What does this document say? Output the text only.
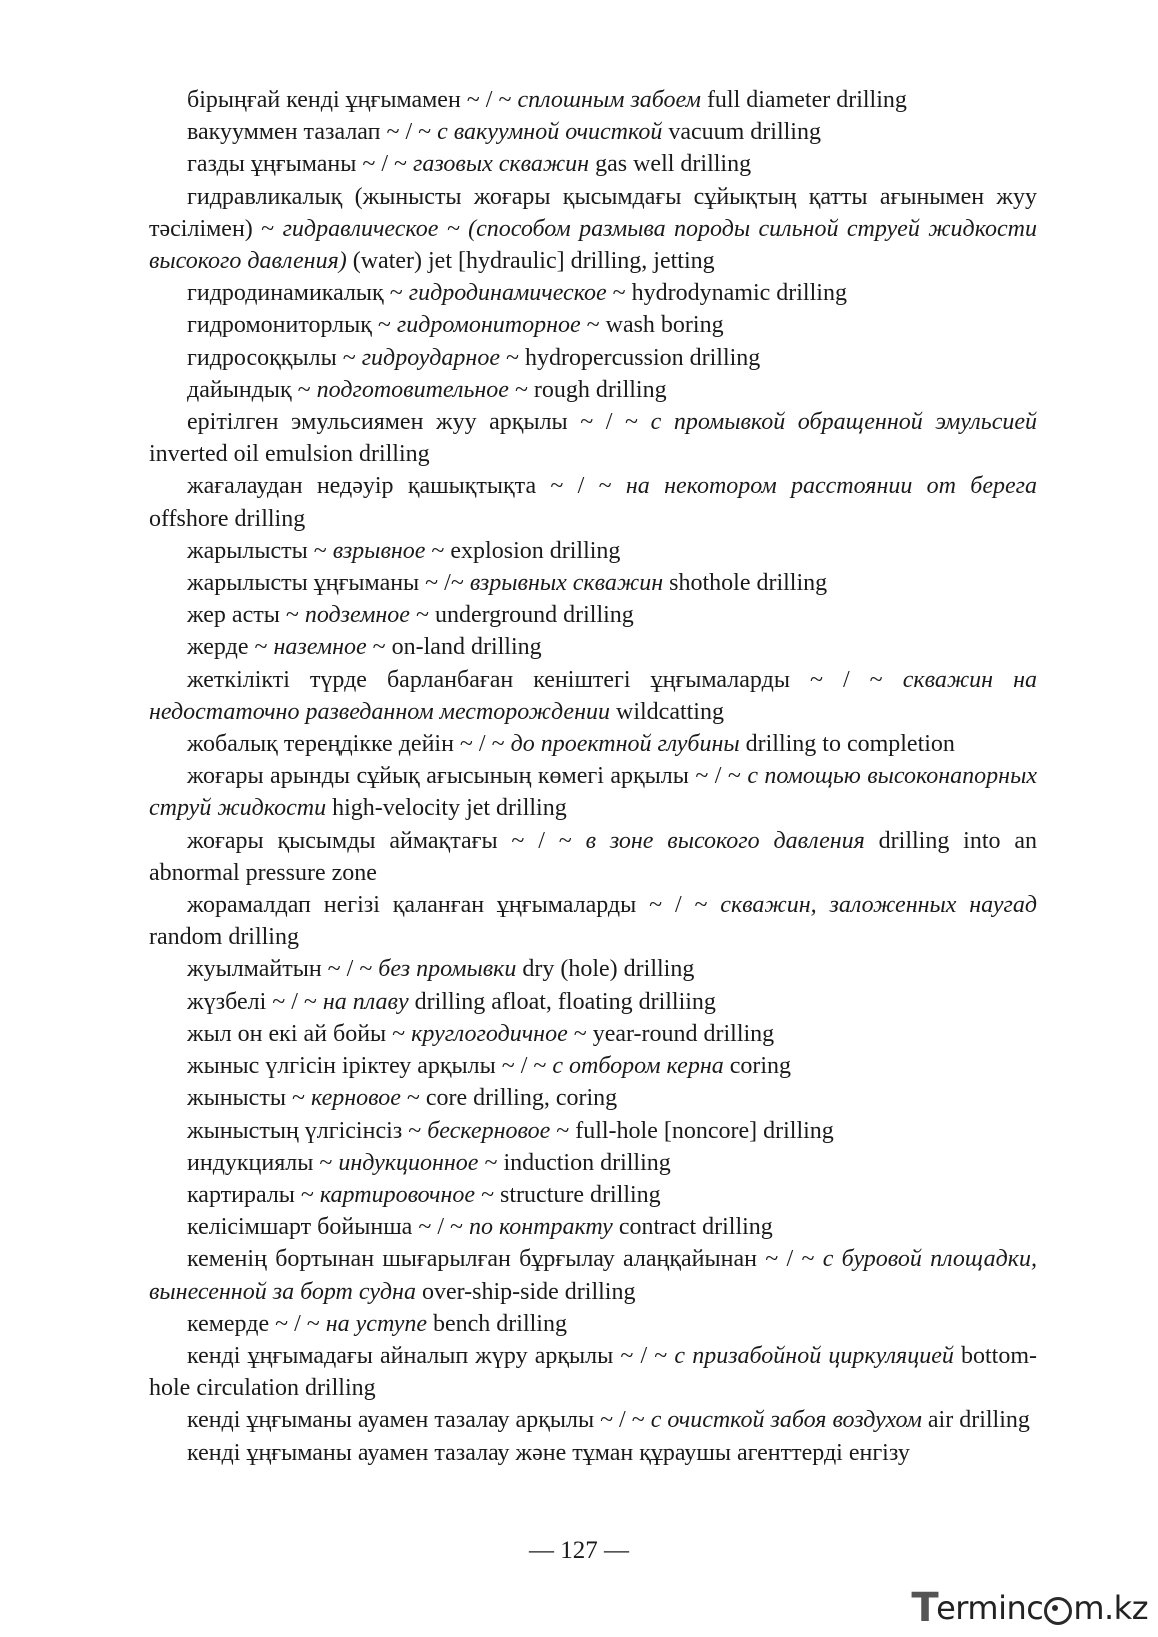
бірыңғай кенді ұңғымамен ~ / ~ сплошным забоем full diameter drilling

вакууммен тазалап ~ / ~ с вакуумной очисткой vacuum drilling

газды ұңғыманы ~ / ~ газовых скважин gas well drilling

гидравликалық (жынысты жоғары қысымдағы сұйықтың қатты ағынымен жуу тәсілімен) ~ гидравлическое ~ (способом размыва породы сильной струей жидкости высокого давления) (water) jet [hydraulic] drilling, jetting

гидродинамикалық ~ гидродинамическое ~ hydrodynamic drilling

гидромониторлық ~ гидромониторное ~ wash boring

гидросоққылы ~ гидроударное ~ hydropercussion drilling

дайындық ~ подготовительное ~ rough drilling

ерітілген эмульсиямен жуу арқылы ~ / ~ с промывкой обращенной эмульсией inverted oil emulsion drilling

жағалаудан недәуір қашықтықта ~ / ~ на некотором расстоянии от берега offshore drilling

жарылысты ~ взрывное ~ explosion drilling

жарылысты ұңғыманы ~ /~ взрывных скважин shothole drilling

жер асты ~ подземное ~ underground drilling

жерде ~ наземное ~ on-land drilling

жеткілікті түрде барланбаған кеніштегі ұңғымаларды ~ / ~ скважин на недостаточно разведанном месторождении wildcatting

жобалық тереңдікке дейін ~ / ~ до проектной глубины drilling to completion

жоғары арынды сұйық ағысының көмегі арқылы ~ / ~ с помощью высоконапорных струй жидкости high-velocity jet drilling

жоғары қысымды аймақтағы ~ / ~ в зоне высокого давления drilling into an abnormal pressure zone

жорамалдап негізі қаланған ұңғымаларды ~ / ~ скважин, заложенных наугад random drilling

жуылмайтын ~ / ~ без промывки dry (hole) drilling

жүзбелі ~ / ~ на плаву drilling afloat, floating drilliing

жыл он екі ай бойы ~ круглогодичное ~ year-round drilling

жыныс үлгісін іріктеу арқылы ~ / ~ с отбором керна coring

жынысты ~ керновое ~ core drilling, coring

жыныстың үлгісінсіз ~ бескерновое ~ full-hole [noncore] drilling

индукциялы ~ индукционное ~ induction drilling

картиралы ~ картировочное ~ structure drilling

келісімшарт бойынша ~ / ~ по контракту contract drilling

кеменің бортынан шығарылған бұрғылау алаңқайынан ~ / ~ с буровой площадки, вынесенной за борт судна over-ship-side drilling

кемерде ~ / ~ на уступе bench drilling

кенді ұңғымадағы айналып жүру арқылы ~ / ~ с призабойной циркуляцией bottom-hole circulation drilling

кенді ұңғыманы ауамен тазалау арқылы ~ / ~ с очисткой забоя воздухом air drilling

кенді ұңғыманы ауамен тазалау және тұман құраушы агенттерді енгізу

— 127 —
T
erminc m.kz
